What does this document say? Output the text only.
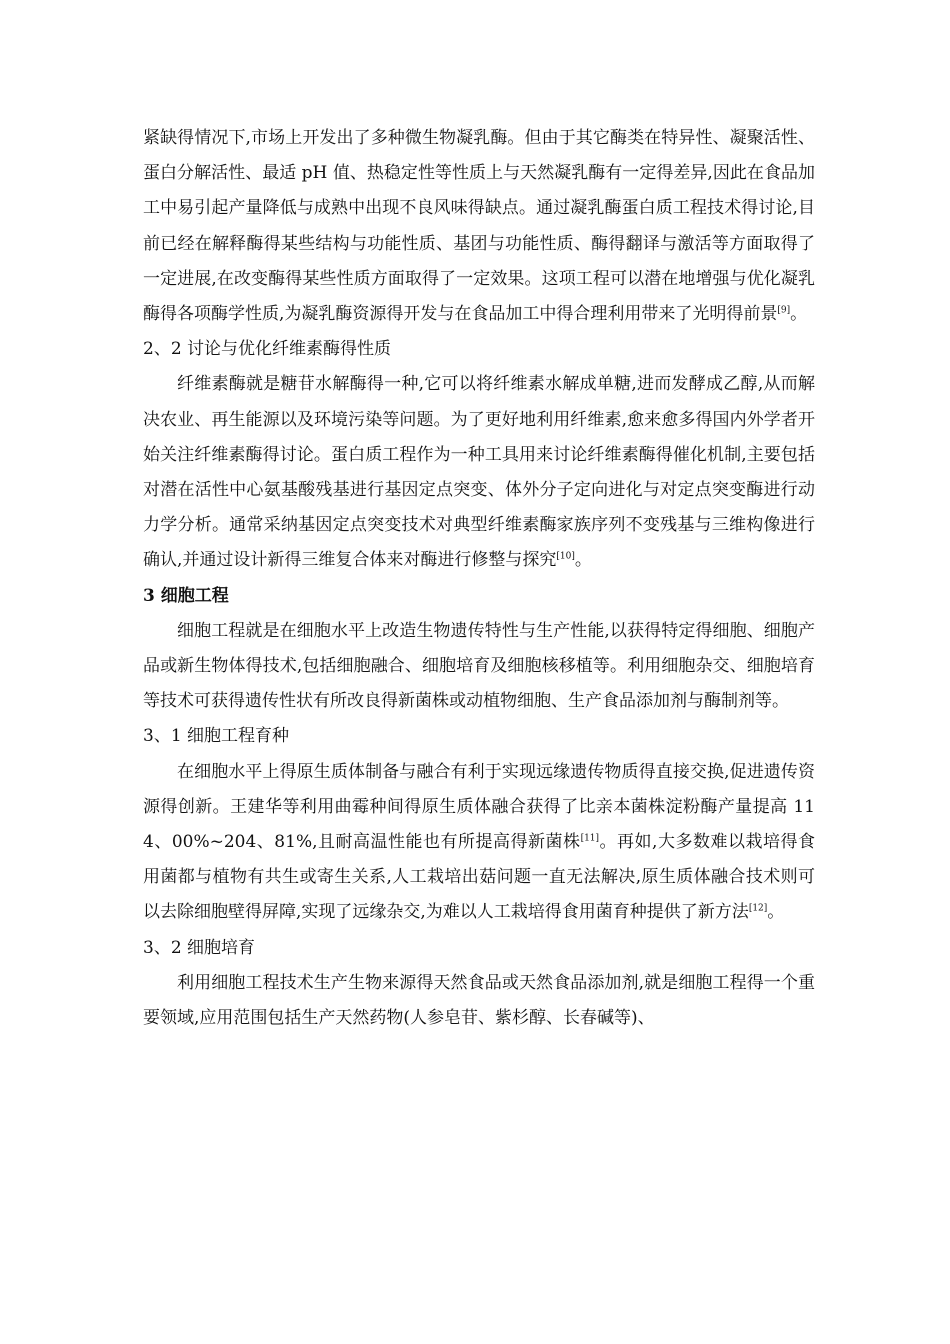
紧缺得情况下,市场上开发出了多种微生物凝乳酶。但由于其它酶类在特异性、凝聚活性、蛋白分解活性、最适 pH 值、热稳定性等性质上与天然凝乳酶有一定得差异,因此在食品加工中易引起产量降低与成熟中出现不良风味得缺点。通过凝乳酶蛋白质工程技术得讨论,目前已经在解释酶得某些结构与功能性质、基团与功能性质、酶得翻译与激活等方面取得了一定进展,在改变酶得某些性质方面取得了一定效果。这项工程可以潜在地增强与优化凝乳酶得各项酶学性质,为凝乳酶资源得开发与在食品加工中得合理利用带来了光明得前景[9]。

2、2 讨论与优化纤维素酶得性质

纤维素酶就是糖苷水解酶得一种,它可以将纤维素水解成单糖,进而发酵成乙醇,从而解决农业、再生能源以及环境污染等问题。为了更好地利用纤维素,愈来愈多得国内外学者开始关注纤维素酶得讨论。蛋白质工程作为一种工具用来讨论纤维素酶得催化机制,主要包括对潜在活性中心氨基酸残基进行基因定点突变、体外分子定向进化与对定点突变酶进行动力学分析。通常采纳基因定点突变技术对典型纤维素酶家族序列不变残基与三维构像进行确认,并通过设计新得三维复合体来对酶进行修整与探究[10]。

3 细胞工程

细胞工程就是在细胞水平上改造生物遗传特性与生产性能,以获得特定得细胞、细胞产品或新生物体得技术,包括细胞融合、细胞培育及细胞核移植等。利用细胞杂交、细胞培育等技术可获得遗传性状有所改良得新菌株或动植物细胞、生产食品添加剂与酶制剂等。

3、1 细胞工程育种

在细胞水平上得原生质体制备与融合有利于实现远缘遗传物质得直接交换,促进遗传资源得创新。王建华等利用曲霉种间得原生质体融合获得了比亲本菌株淀粉酶产量提高 114、00%~204、81%,且耐高温性能也有所提高得新菌株[11]。再如,大多数难以栽培得食用菌都与植物有共生或寄生关系,人工栽培出菇问题一直无法解决,原生质体融合技术则可以去除细胞壁得屏障,实现了远缘杂交,为难以人工栽培得食用菌育种提供了新方法[12]。

3、2 细胞培育

利用细胞工程技术生产生物来源得天然食品或天然食品添加剂,就是细胞工程得一个重要领域,应用范围包括生产天然药物(人参皂苷、紫杉醇、长春碱等)、
